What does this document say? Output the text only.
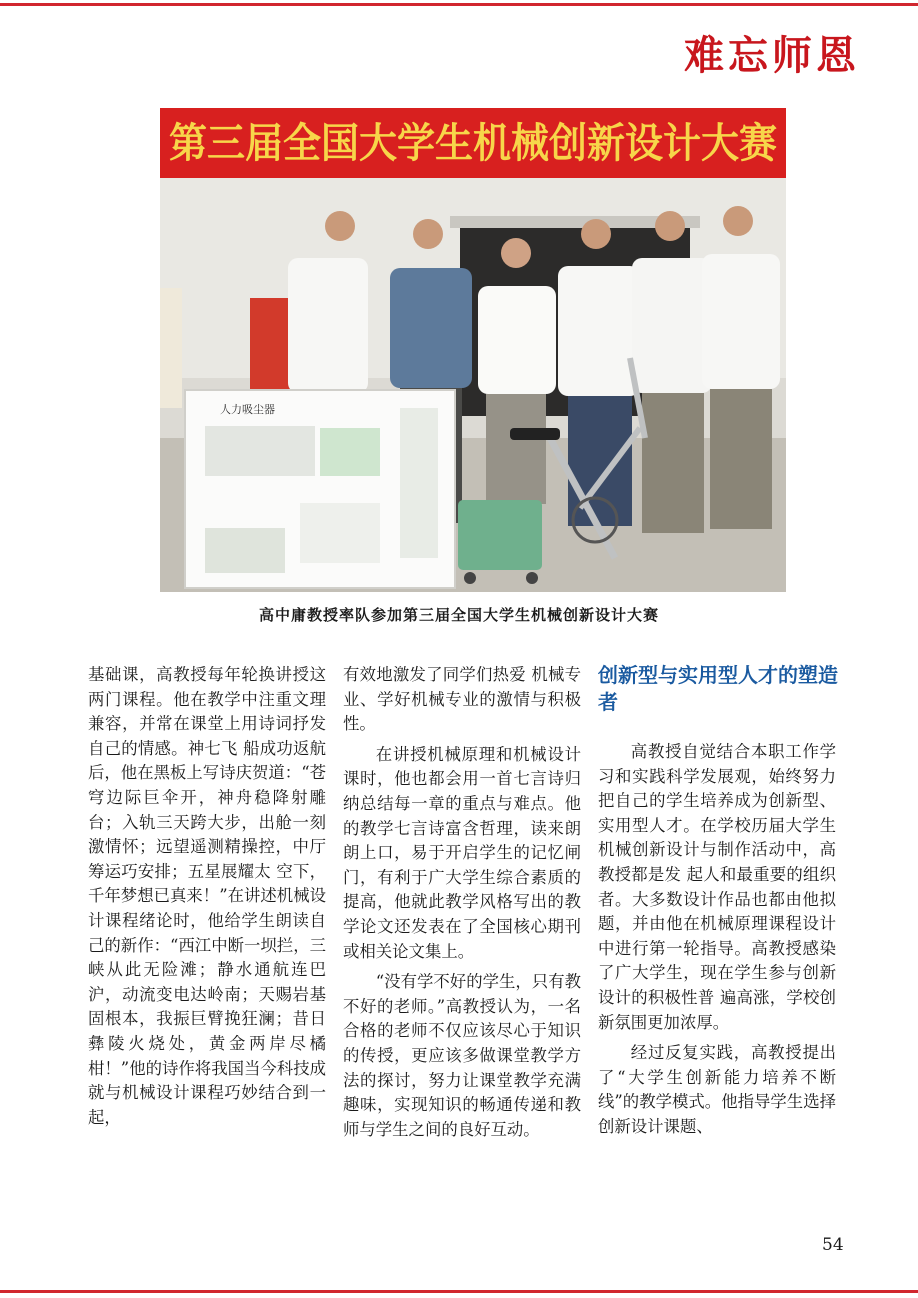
难忘师恩
第三届全国大学生机械创新设计大赛
人力吸尘器
高中庸教授率队参加第三届全国大学生机械创新设计大赛

基础课，高教授每年轮换讲授这两门课程。他在教学中注重文理兼容，并常在课堂上用诗词抒发自己的情感。神七飞 船成功返航后，他在黑板上写诗庆贺道：“苍穹边际巨伞开，神舟稳降射雕台；入轨三天跨大步，出舱一刻激情怀；远望遥测精操控，中厅筹运巧安排；五星展耀太 空下，千年梦想已真来！”在讲述机械设计课程绪论时，他给学生朗读自己的新作：“西江中断一坝拦，三峡从此无险滩；静水通航连巴沪，动流变电达岭南；天赐岩基固根本，我振巨臂挽狂澜；昔日彝陵火烧处，黄金两岸尽橘柑！”他的诗作将我国当今科技成就与机械设计课程巧妙结合到一起，

有效地激发了同学们热爱 机械专业、学好机械专业的激情与积极性。

在讲授机械原理和机械设计课时，他也都会用一首七言诗归纳总结每一章的重点与难点。他的教学七言诗富含哲理，读来朗朗上口，易于开启学生的记忆闸门，有利于广大学生综合素质的提高，他就此教学风格写出的教学论文还发表在了全国核心期刊或相关论文集上。

“没有学不好的学生，只有教不好的老师。”高教授认为，一名合格的老师不仅应该尽心于知识的传授，更应该多做课堂教学方法的探讨，努力让课堂教学充满趣味，实现知识的畅通传递和教师与学生之间的良好互动。

创新型与实用型人才的塑造者

高教授自觉结合本职工作学习和实践科学发展观，始终努力把自己的学生培养成为创新型、实用型人才。在学校历届大学生机械创新设计与制作活动中，高教授都是发 起人和最重要的组织者。大多数设计作品也都由他拟题，并由他在机械原理课程设计中进行第一轮指导。高教授感染了广大学生，现在学生参与创新设计的积极性普 遍高涨，学校创新氛围更加浓厚。

经过反复实践，高教授提出了“大学生创新能力培养不断线”的教学模式。他指导学生选择创新设计课题、

54
